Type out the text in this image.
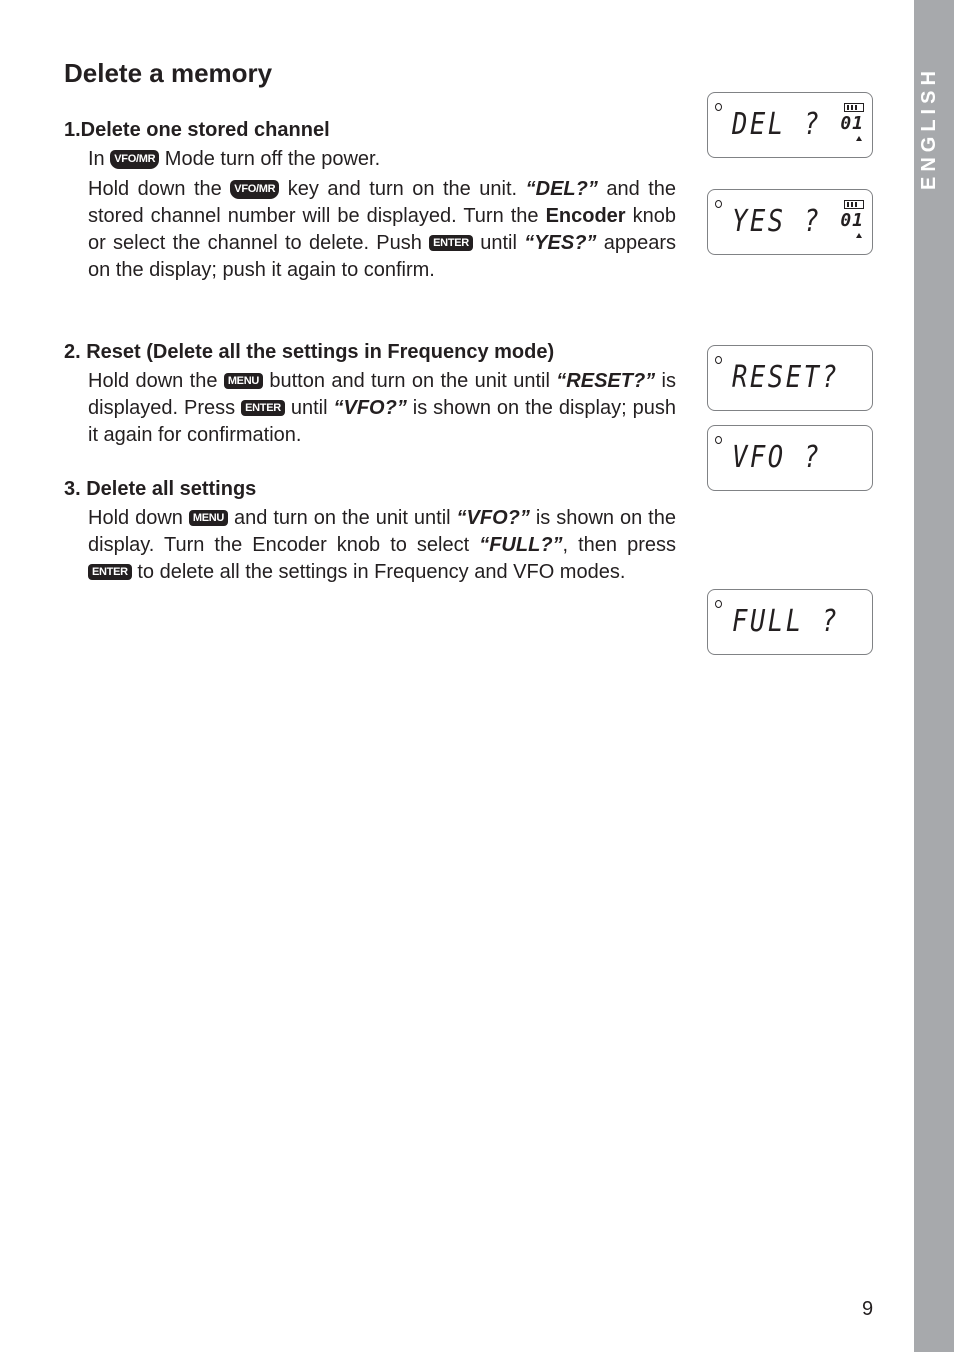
ENGLISH
Delete a memory
1.Delete one stored channel

In VFO/MR Mode turn off the power.

Hold down the VFO/MR key and turn on the unit. “DEL?” and the stored channel number will be displayed. Turn the Encoder knob or select the channel to delete. Push ENTER until “YES?” appears on the display; push it again to confirm.

2. Reset (Delete all the settings in Frequency mode)

Hold down the MENU button and turn on the unit until “RESET?” is displayed. Press ENTER until “VFO?” is shown on the display; push it again for confirmation.

3. Delete all settings

Hold down MENU and turn on the unit until “VFO?” is shown on the display. Turn the Encoder knob to select “FULL?”, then press ENTER to delete all the settings in Frequency and VFO modes.

DEL ? 01
YES ? 01
RESET?
VFO ?
FULL ?
9
